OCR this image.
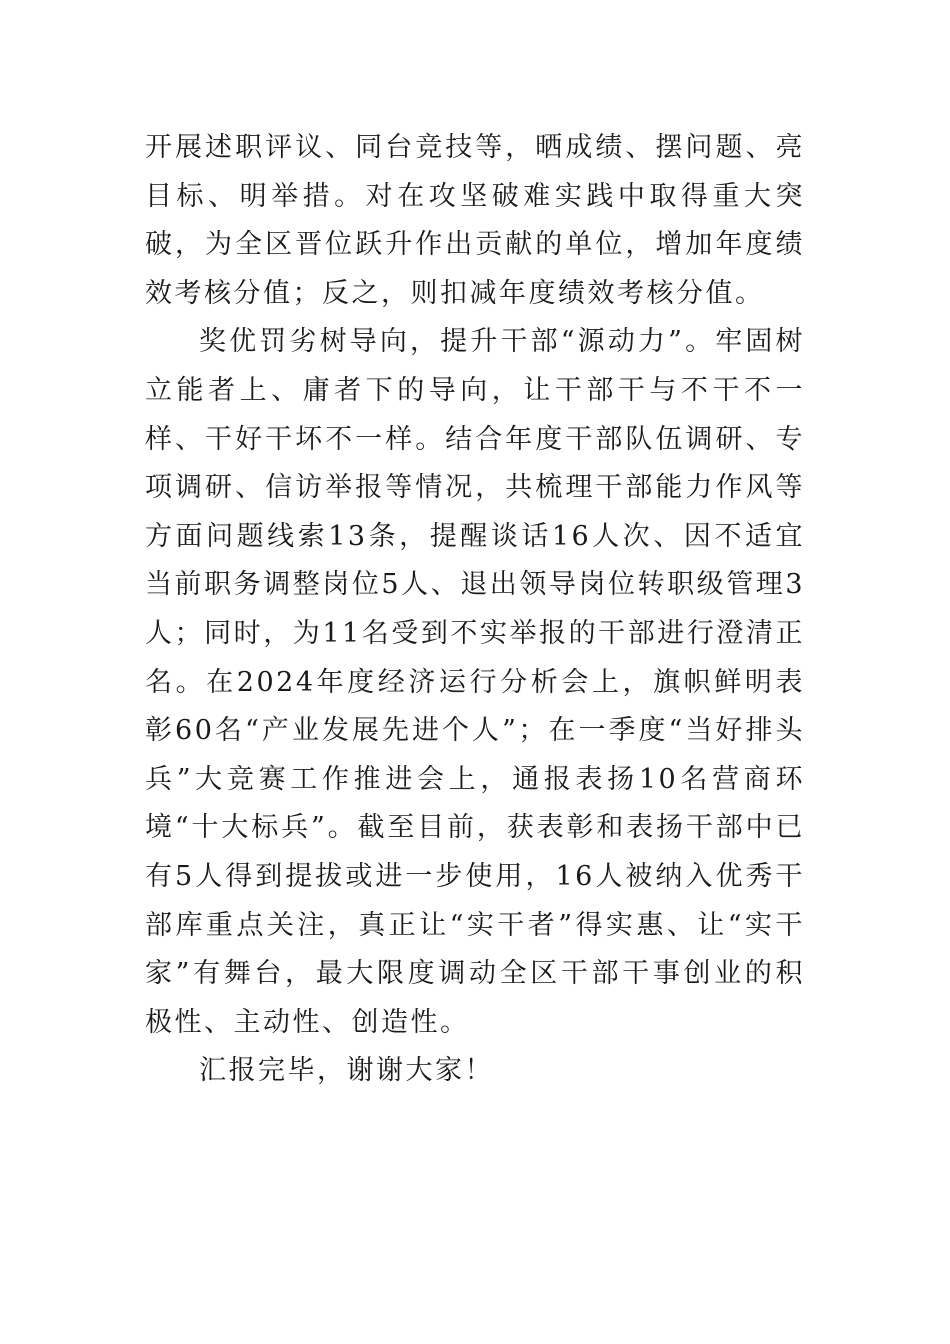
开展述职评议、同台竞技等，晒成绩、摆问题、亮目标、明举措。对在攻坚破难实践中取得重大突破，为全区晋位跃升作出贡献的单位，增加年度绩效考核分值；反之，则扣减年度绩效考核分值。

奖优罚劣树导向，提升干部“源动力”。牢固树立能者上、庸者下的导向，让干部干与不干不一样、干好干坏不一样。结合年度干部队伍调研、专项调研、信访举报等情况，共梳理干部能力作风等方面问题线索13条，提醒谈话16人次、因不适宜当前职务调整岗位5人、退出领导岗位转职级管理3人；同时，为11名受到不实举报的干部进行澄清正名。在2024年度经济运行分析会上，旗帜鲜明表彰60名“产业发展先进个人”；在一季度“当好排头兵”大竞赛工作推进会上，通报表扬10名营商环境“十大标兵”。截至目前，获表彰和表扬干部中已有5人得到提拔或进一步使用，16人被纳入优秀干部库重点关注，真正让“实干者”得实惠、让“实干家”有舞台，最大限度调动全区干部干事创业的积极性、主动性、创造性。

汇报完毕，谢谢大家！
